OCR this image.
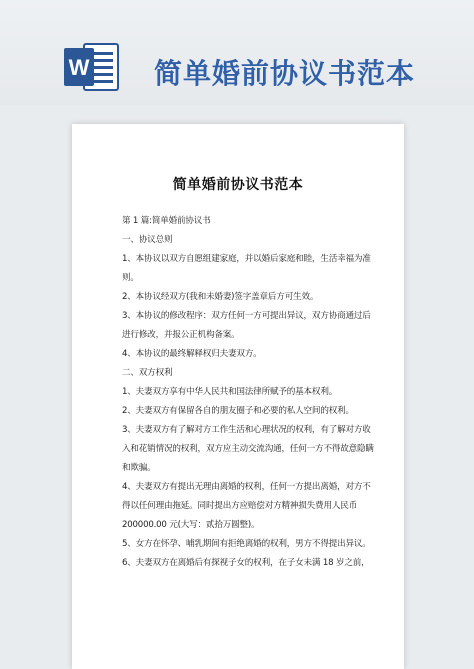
W 简单婚前协议书范本
简单婚前协议书范本
第 1 篇:简单婚前协议书
一、协议总则
1、本协议以双方自愿组建家庭，并以婚后家庭和睦，生活幸福为准
则。
2、本协议经双方(我和未婚妻)签字盖章后方可生效。
3、本协议的修改程序：双方任何一方可提出异议，双方协商通过后
进行修改，并报公正机构备案。
4、本协议的最终解释权归夫妻双方。
二、双方权利
1、夫妻双方享有中华人民共和国法律所赋予的基本权利。
2、夫妻双方有保留各自的朋友圈子和必要的私人空间的权利。
3、夫妻双方有了解对方工作生活和心理状况的权利，有了解对方收
入和花销情况的权利，双方应主动交流沟通，任何一方不得故意隐瞒
和欺骗。
4、夫妻双方有提出无理由离婚的权利，任何一方提出离婚，对方不
得以任何理由拖延。同时提出方应赔偿对方精神损失费用人民币
200000.00 元(大写：贰拾万圆整)。
5、女方在怀孕、哺乳期间有拒绝离婚的权利，男方不得提出异议。
6、夫妻双方在离婚后有探视子女的权利，在子女未满 18 岁之前，
